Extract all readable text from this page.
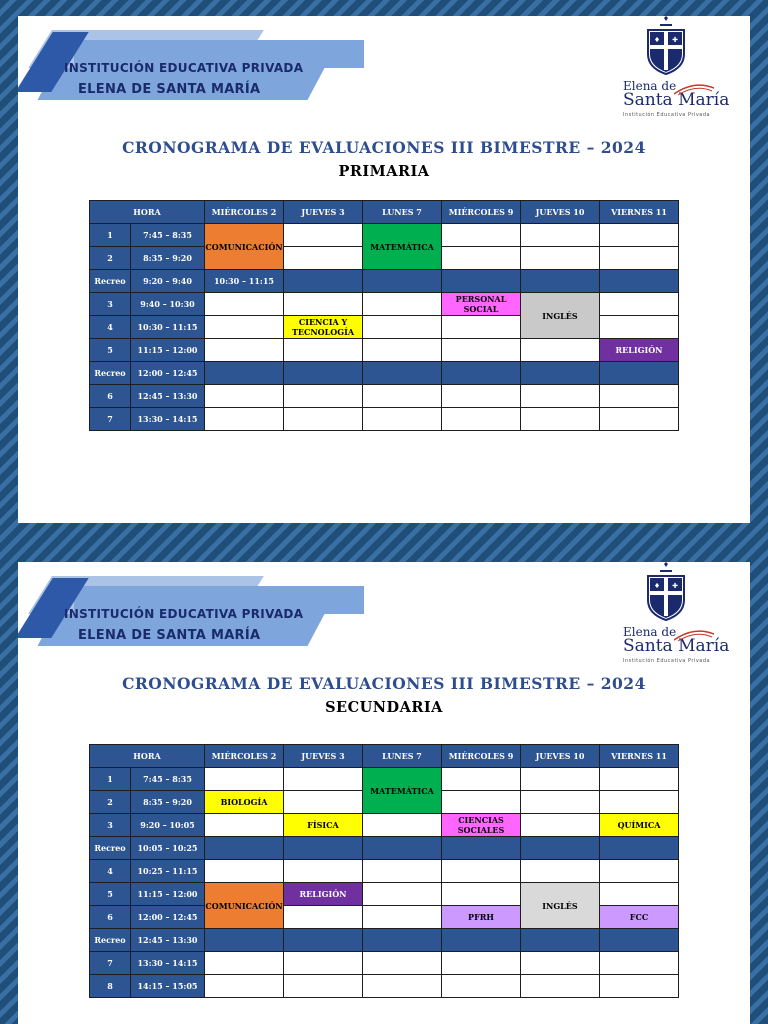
INSTITUCIÓN EDUCATIVA PRIVADA
ELENA DE SANTA MARÍA
♦ ✚
Elena de
Santa María
Institución Educativa Privada
CRONOGRAMA DE EVALUACIONES III BIMESTRE – 2024
PRIMARIA
HORA		MIÉRCOLES 2	JUEVES 3	LUNES 7	MIÉRCOLES 9	JUEVES 10	VIERNES 11
1	7:45 – 8:35	COMUNICACIÓN		MATEMÁTICA			
2	8:35 – 9:20						
Recreo	9:20 – 9:40	10:30 – 11:15					
3	9:40 – 10:30				PERSONAL SOCIAL	INGLÉS	
4	10:30 – 11:15		CIENCIA Y TECNOLOGÍA				
5	11:15 – 12:00						RELIGIÓN
Recreo	12:00 – 12:45						
6	12:45 – 13:30						
7	13:30 – 14:15						
INSTITUCIÓN EDUCATIVA PRIVADA
ELENA DE SANTA MARÍA
♦ ✚
Elena de
Santa María
Institución Educativa Privada
CRONOGRAMA DE EVALUACIONES III BIMESTRE – 2024
SECUNDARIA
HORA		MIÉRCOLES 2	JUEVES 3	LUNES 7	MIÉRCOLES 9	JUEVES 10	VIERNES 11
1	7:45 – 8:35			MATEMÁTICA			
2	8:35 – 9:20	BIOLOGÍA					
3	9:20 – 10:05		FÍSICA		CIENCIAS SOCIALES		QUÍMICA
Recreo	10:05 – 10:25						
4	10:25 – 11:15						
5	11:15 – 12:00	COMUNICACIÓN	RELIGIÓN			INGLÉS	
6	12:00 – 12:45				PFRH		FCC
Recreo	12:45 – 13:30						
7	13:30 – 14:15						
8	14:15 – 15:05						
